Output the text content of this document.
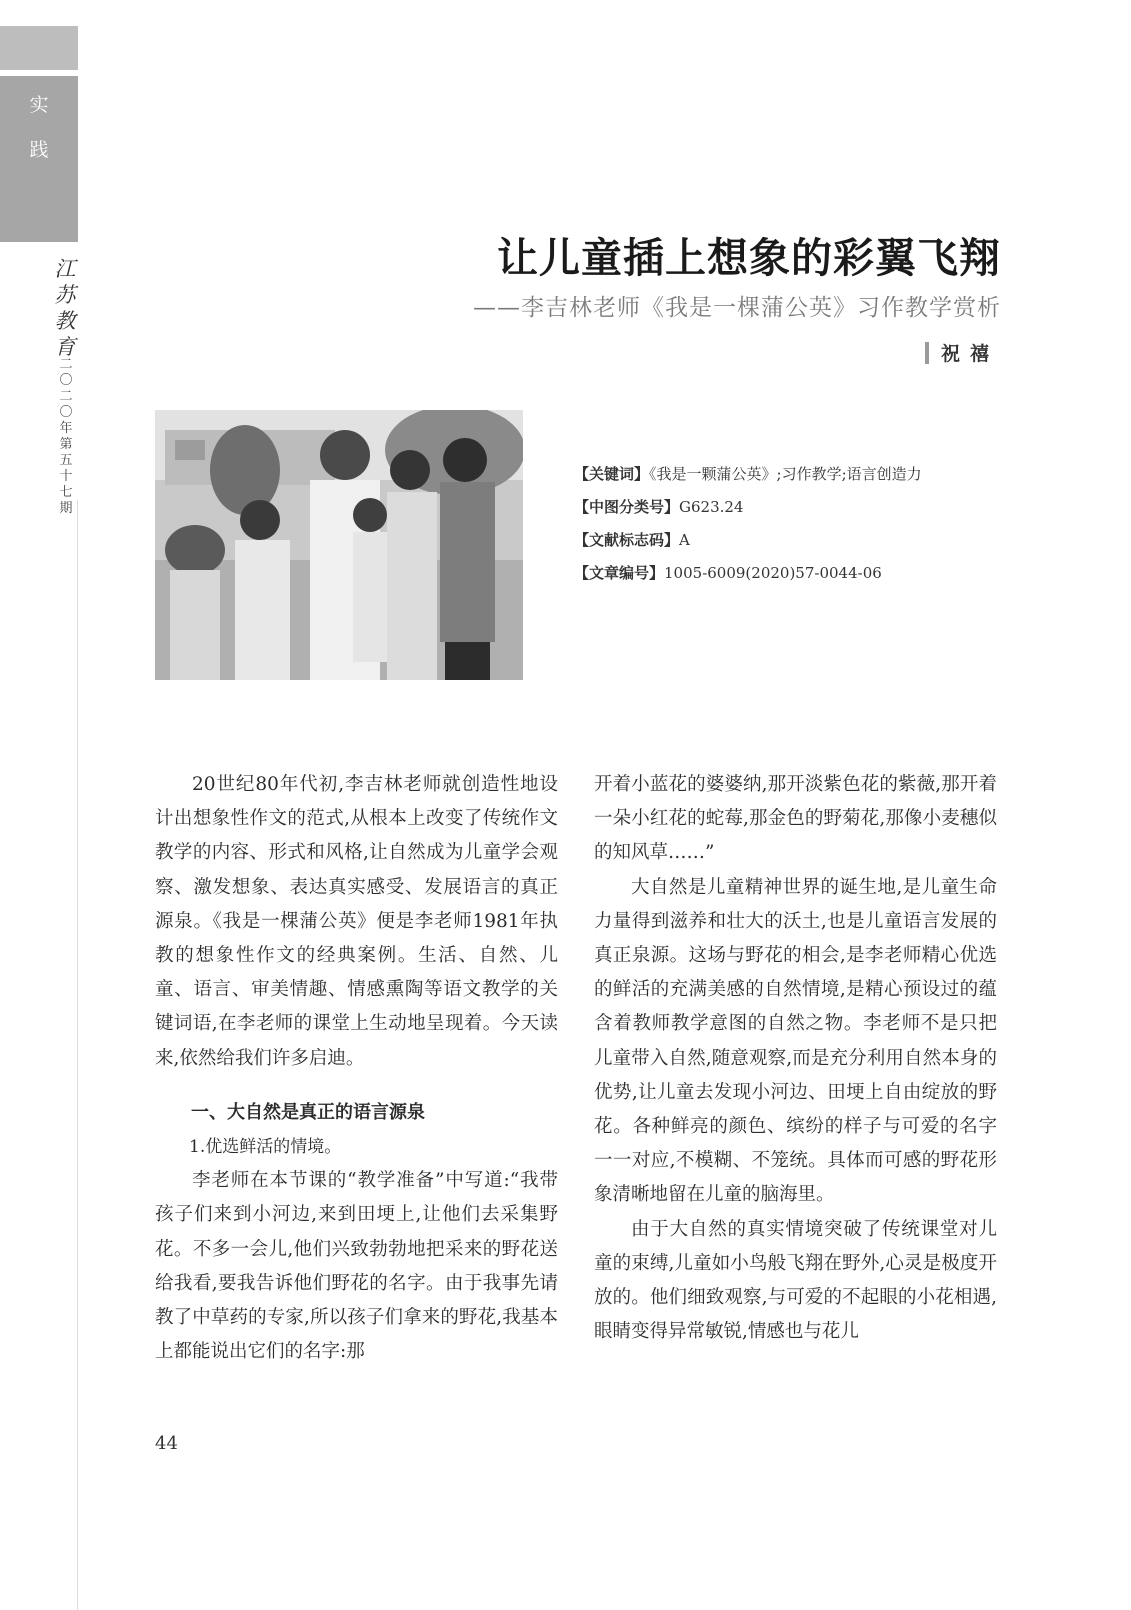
实
践
江苏教育
二〇二〇年第五十七期
让儿童插上想象的彩翼飞翔
——李吉林老师《我是一棵蒲公英》习作教学赏析
祝禧
【关键词】《我是一颗蒲公英》;习作教学;语言创造力
【中图分类号】G623.24
【文献标志码】A
【文章编号】1005-6009(2020)57-0044-06

20世纪80年代初,李吉林老师就创造性地设计出想象性作文的范式,从根本上改变了传统作文教学的内容、形式和风格,让自然成为儿童学会观察、激发想象、表达真实感受、发展语言的真正源泉。《我是一棵蒲公英》便是李老师1981年执教的想象性作文的经典案例。生活、自然、儿童、语言、审美情趣、情感熏陶等语文教学的关键词语,在李老师的课堂上生动地呈现着。今天读来,依然给我们许多启迪。

一、大自然是真正的语言源泉

1.优选鲜活的情境。

李老师在本节课的“教学准备”中写道:“我带孩子们来到小河边,来到田埂上,让他们去采集野花。不多一会儿,他们兴致勃勃地把采来的野花送给我看,要我告诉他们野花的名字。由于我事先请教了中草药的专家,所以孩子们拿来的野花,我基本上都能说出它们的名字:那

开着小蓝花的婆婆纳,那开淡紫色花的紫薇,那开着一朵小红花的蛇莓,那金色的野菊花,那像小麦穗似的知风草……”

大自然是儿童精神世界的诞生地,是儿童生命力量得到滋养和壮大的沃土,也是儿童语言发展的真正泉源。这场与野花的相会,是李老师精心优选的鲜活的充满美感的自然情境,是精心预设过的蕴含着教师教学意图的自然之物。李老师不是只把儿童带入自然,随意观察,而是充分利用自然本身的优势,让儿童去发现小河边、田埂上自由绽放的野花。各种鲜亮的颜色、缤纷的样子与可爱的名字一一对应,不模糊、不笼统。具体而可感的野花形象清晰地留在儿童的脑海里。

由于大自然的真实情境突破了传统课堂对儿童的束缚,儿童如小鸟般飞翔在野外,心灵是极度开放的。他们细致观察,与可爱的不起眼的小花相遇,眼睛变得异常敏锐,情感也与花儿

44
